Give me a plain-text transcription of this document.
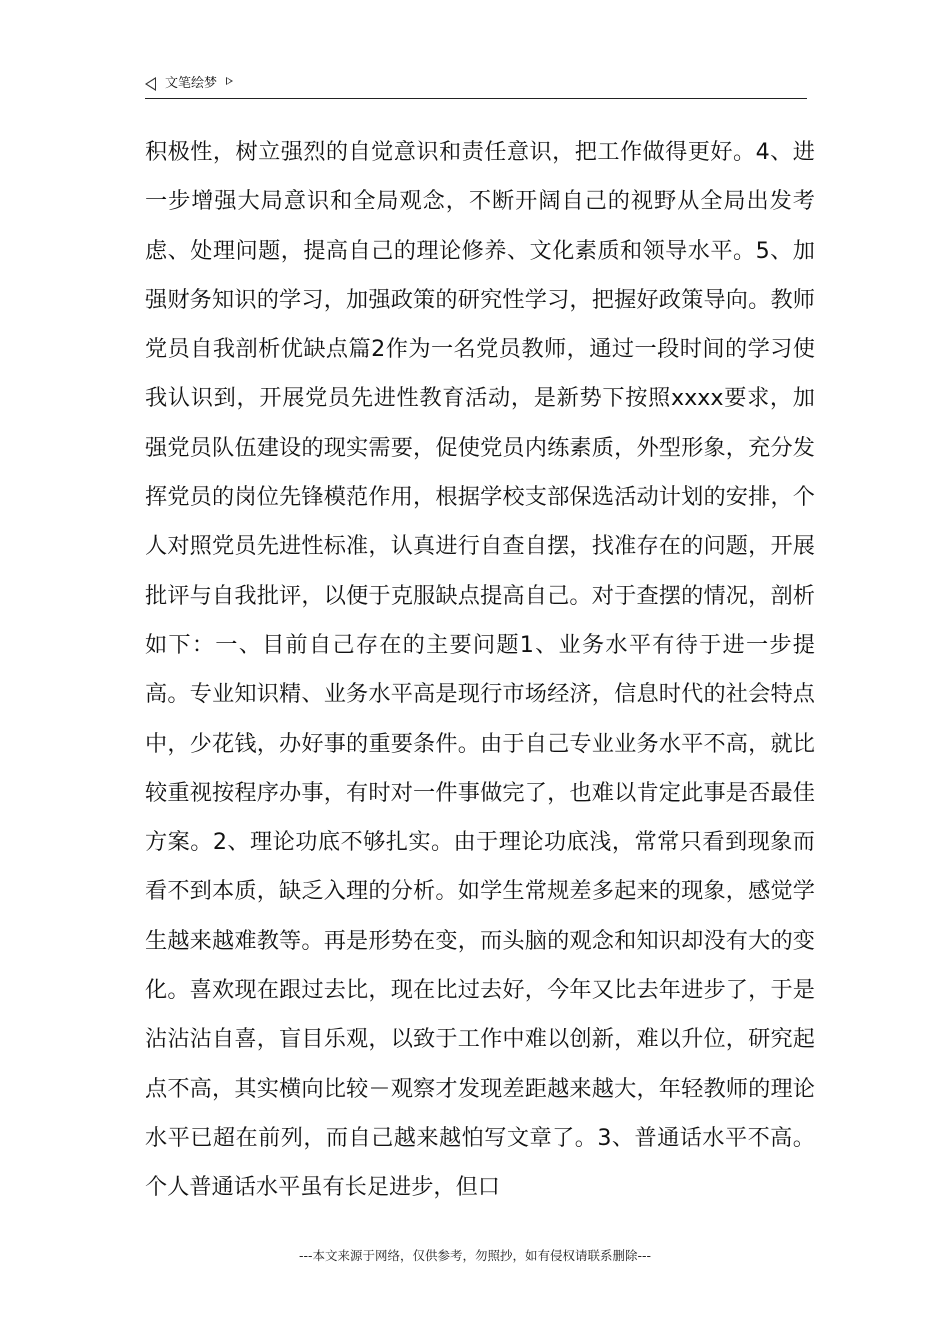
文笔绘梦

积极性，树立强烈的自觉意识和责任意识，把工作做得更好。4、进一步增强大局意识和全局观念，不断开阔自己的视野从全局出发考虑、处理问题，提高自己的理论修养、文化素质和领导水平。5、加强财务知识的学习，加强政策的研究性学习，把握好政策导向。教师党员自我剖析优缺点篇2作为一名党员教师，通过一段时间的学习使我认识到，开展党员先进性教育活动，是新势下按照xxxx要求，加强党员队伍建设的现实需要，促使党员内练素质，外型形象，充分发挥党员的岗位先锋模范作用，根据学校支部保选活动计划的安排，个人对照党员先进性标准，认真进行自查自摆，找准存在的问题，开展批评与自我批评，以便于克服缺点提高自己。对于查摆的情况，剖析如下：一、目前自己存在的主要问题1、业务水平有待于进一步提高。专业知识精、业务水平高是现行市场经济，信息时代的社会特点中，少花钱，办好事的重要条件。由于自己专业业务水平不高，就比较重视按程序办事，有时对一件事做完了，也难以肯定此事是否最佳方案。2、理论功底不够扎实。由于理论功底浅，常常只看到现象而看不到本质，缺乏入理的分析。如学生常规差多起来的现象，感觉学生越来越难教等。再是形势在变，而头脑的观念和知识却没有大的变化。喜欢现在跟过去比，现在比过去好，今年又比去年进步了，于是沾沾沾自喜，盲目乐观，以致于工作中难以创新，难以升位，研究起点不高，其实横向比较－观察才发现差距越来越大，年轻教师的理论水平已超在前列，而自己越来越怕写文章了。3、普通话水平不高。个人普通话水平虽有长足进步，但口

---本文来源于网络，仅供参考，勿照抄，如有侵权请联系删除---
